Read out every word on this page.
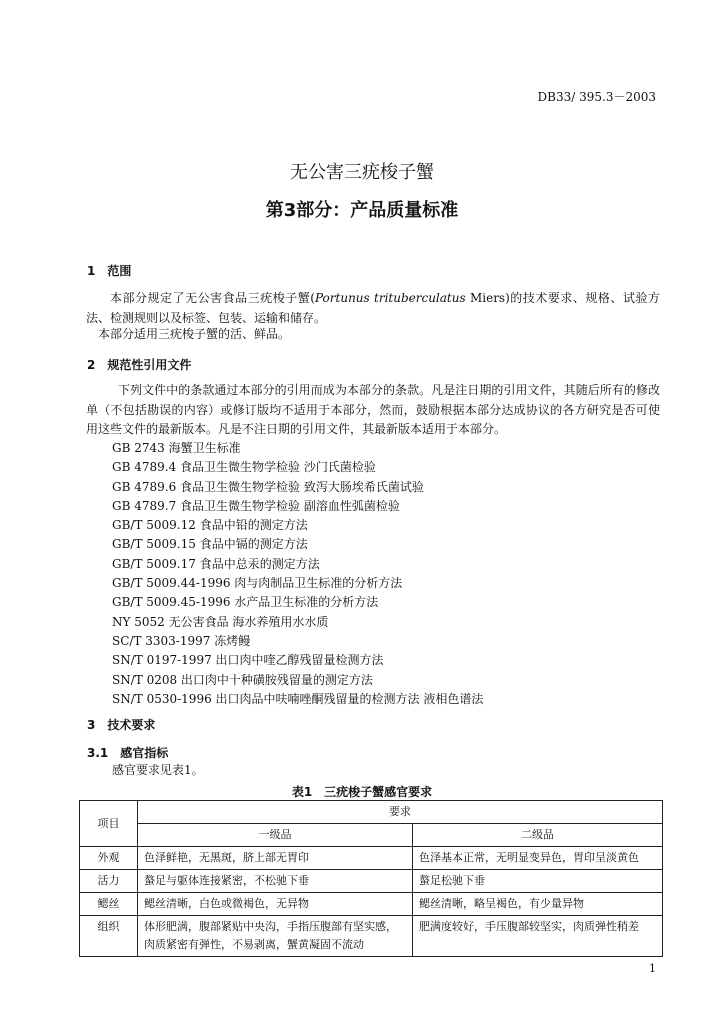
DB33/ 395.3－2003
无公害三疣梭子蟹
第3部分：产品质量标准
1　范围
本部分规定了无公害食品三疣梭子蟹(Portunus trituberculatus Miers)的技术要求、规格、试验方法、检测规则以及标签、包装、运输和储存。
本部分适用三疣梭子蟹的活、鲜品。
2　规范性引用文件
下列文件中的条款通过本部分的引用而成为本部分的条款。凡是注日期的引用文件，其随后所有的修改单（不包括勘误的内容）或修订版均不适用于本部分，然而，鼓励根据本部分达成协议的各方研究是否可使用这些文件的最新版本。凡是不注日期的引用文件，其最新版本适用于本部分。
GB 2743 海蟹卫生标准
GB 4789.4 食品卫生微生物学检验 沙门氏菌检验
GB 4789.6 食品卫生微生物学检验 致泻大肠埃希氏菌试验
GB 4789.7 食品卫生微生物学检验 副溶血性弧菌检验
GB/T 5009.12 食品中铅的测定方法
GB/T 5009.15 食品中镉的测定方法
GB/T 5009.17 食品中总汞的测定方法
GB/T 5009.44-1996 肉与肉制品卫生标准的分析方法
GB/T 5009.45-1996 水产品卫生标准的分析方法
NY 5052 无公害食品 海水养殖用水水质
SC/T 3303-1997 冻烤鳗
SN/T 0197-1997 出口肉中喹乙醇残留量检测方法
SN/T 0208 出口肉中十种磺胺残留量的测定方法
SN/T 0530-1996 出口肉品中呋喃唑酮残留量的检测方法 液相色谱法
3　技术要求
3.1　感官指标
感官要求见表1。
表1　三疣梭子蟹感官要求
项目	要求	
	一级品	二级品
外观	色泽鲜艳，无黑斑，脐上部无胃印	色泽基本正常，无明显变异色，胃印呈淡黄色
活力	螯足与躯体连接紧密，不松驰下垂	螯足松驰下垂
鳃丝	鳃丝清晰，白色或微褐色，无异物	鳃丝清晰，略呈褐色，有少量异物
组织	体形肥满，腹部紧贴中央沟，手指压腹部有坚实感，肉质紧密有弹性，不易剥离，蟹黄凝固不流动	肥满度较好，手压腹部较坚实，肉质弹性稍差
1
